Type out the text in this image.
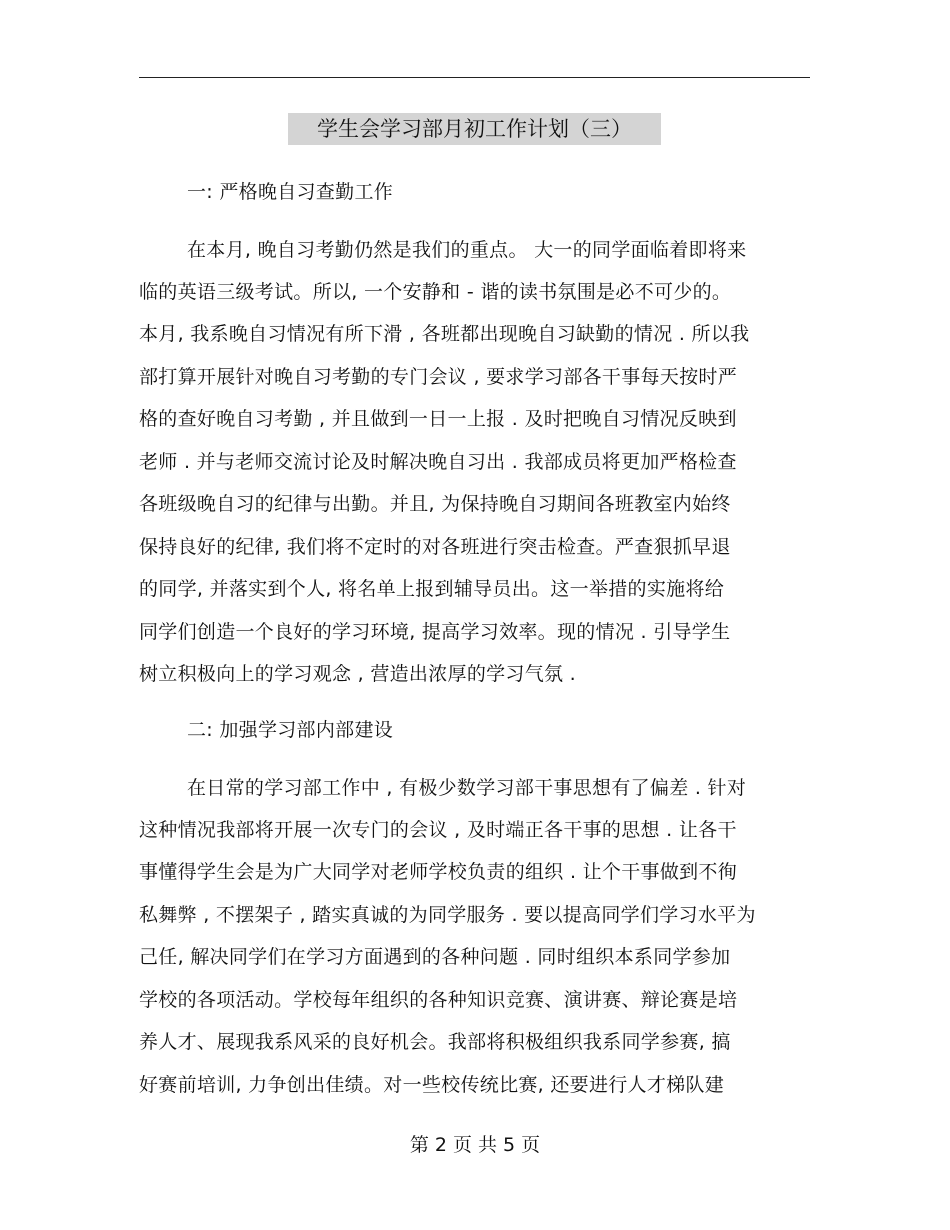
学生会学习部月初工作计划（三）
一: 严格晚自习查勤工作
在本月, 晚自习考勤仍然是我们的重点。 大一的同学面临着即将来
临的英语三级考试。所以, 一个安静和 - 谐的读书氛围是必不可少的。
本月, 我系晚自习情况有所下滑 , 各班都出现晚自习缺勤的情况 . 所以我
部打算开展针对晚自习考勤的专门会议 , 要求学习部各干事每天按时严
格的查好晚自习考勤 , 并且做到一日一上报 . 及时把晚自习情况反映到
老师 . 并与老师交流讨论及时解决晚自习出 . 我部成员将更加严格检查
各班级晚自习的纪律与出勤。并且, 为保持晚自习期间各班教室内始终
保持良好的纪律, 我们将不定时的对各班进行突击检查。严查狠抓早退
的同学, 并落实到个人, 将名单上报到辅导员出。这一举措的实施将给
同学们创造一个良好的学习环境, 提高学习效率。现的情况 . 引导学生
树立积极向上的学习观念 , 营造出浓厚的学习气氛 .
二: 加强学习部内部建设
在日常的学习部工作中 , 有极少数学习部干事思想有了偏差 . 针对
这种情况我部将开展一次专门的会议 , 及时端正各干事的思想 . 让各干
事懂得学生会是为广大同学对老师学校负责的组织 . 让个干事做到不徇
私舞弊 , 不摆架子 , 踏实真诚的为同学服务 . 要以提高同学们学习水平为
己任, 解决同学们在学习方面遇到的各种问题 . 同时组织本系同学参加
学校的各项活动。学校每年组织的各种知识竞赛、演讲赛、辩论赛是培
养人才、展现我系风采的良好机会。我部将积极组织我系同学参赛, 搞
好赛前培训, 力争创出佳绩。对一些校传统比赛, 还要进行人才梯队建
第 2 页 共 5 页
